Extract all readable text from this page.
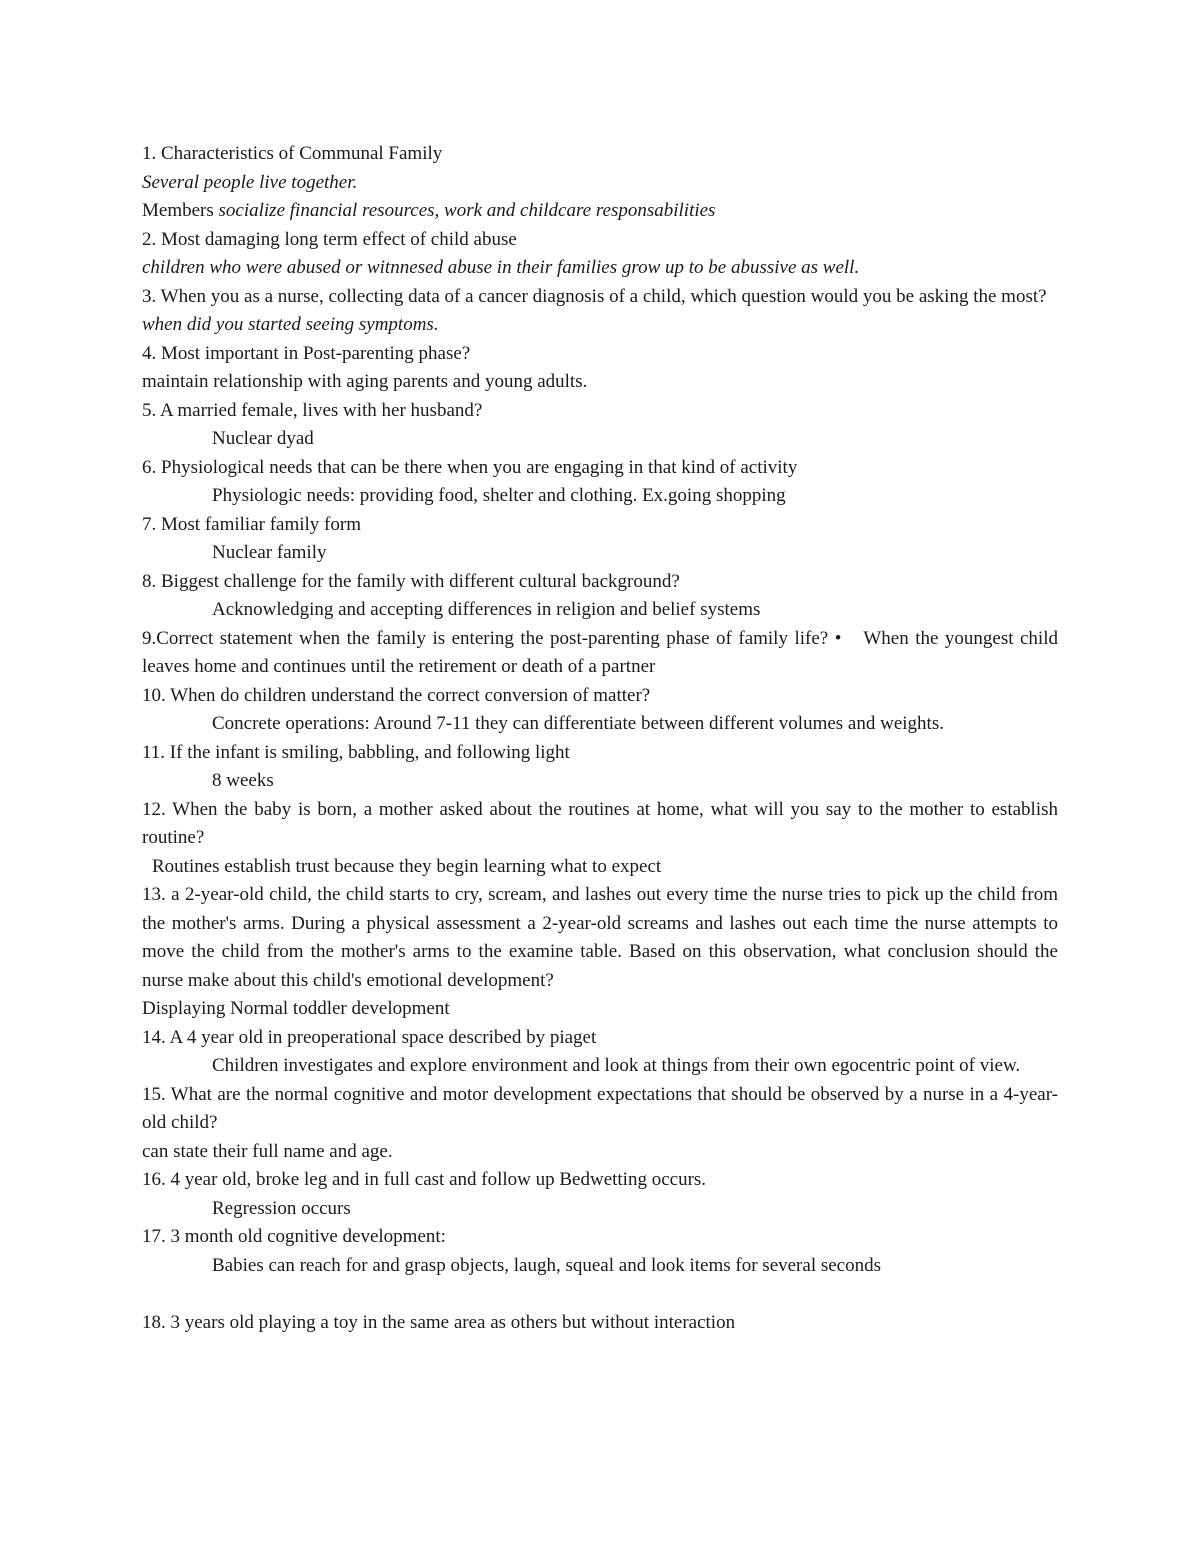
1. Characteristics of Communal Family
Several people live together.
Members socialize financial resources, work and childcare responsabilities
2. Most damaging long term effect of child abuse
children who were abused or witnnesed abuse in their families grow up to be abussive as well.
3. When you as a nurse, collecting data of a cancer diagnosis of a child, which question would you be asking the most?
when did you started seeing symptoms.
4. Most important in Post-parenting phase?
maintain relationship with aging parents and young adults.
5. A married female, lives with her husband?
Nuclear dyad
6. Physiological needs that can be there when you are engaging in that kind of activity
Physiologic needs: providing food, shelter and clothing. Ex.going shopping
7. Most familiar family form
Nuclear family
8. Biggest challenge for the family with different cultural background?
Acknowledging and accepting differences in religion and belief systems
9.Correct statement when the family is entering the post-parenting phase of family life? • When the youngest child leaves home and continues until the retirement or death of a partner
10. When do children understand the correct conversion of matter?
Concrete operations: Around 7-11 they can differentiate between different volumes and weights.
11. If the infant is smiling, babbling, and following light
8 weeks
12. When the baby is born, a mother asked about the routines at home, what will you say to the mother to establish routine?
Routines establish trust because they begin learning what to expect
13. a 2-year-old child, the child starts to cry, scream, and lashes out every time the nurse tries to pick up the child from the mother's arms. During a physical assessment a 2-year-old screams and lashes out each time the nurse attempts to move the child from the mother's arms to the examine table. Based on this observation, what conclusion should the nurse make about this child's emotional development?
Displaying Normal toddler development
14. A 4 year old in preoperational space described by piaget
Children investigates and explore environment and look at things from their own egocentric point of view.
15. What are the normal cognitive and motor development expectations that should be observed by a nurse in a 4-year-old child?
can state their full name and age.
16. 4 year old, broke leg and in full cast and follow up Bedwetting occurs.
Regression occurs
17. 3 month old cognitive development:
Babies can reach for and grasp objects, laugh, squeal and look items for several seconds
18. 3 years old playing a toy in the same area as others but without interaction
